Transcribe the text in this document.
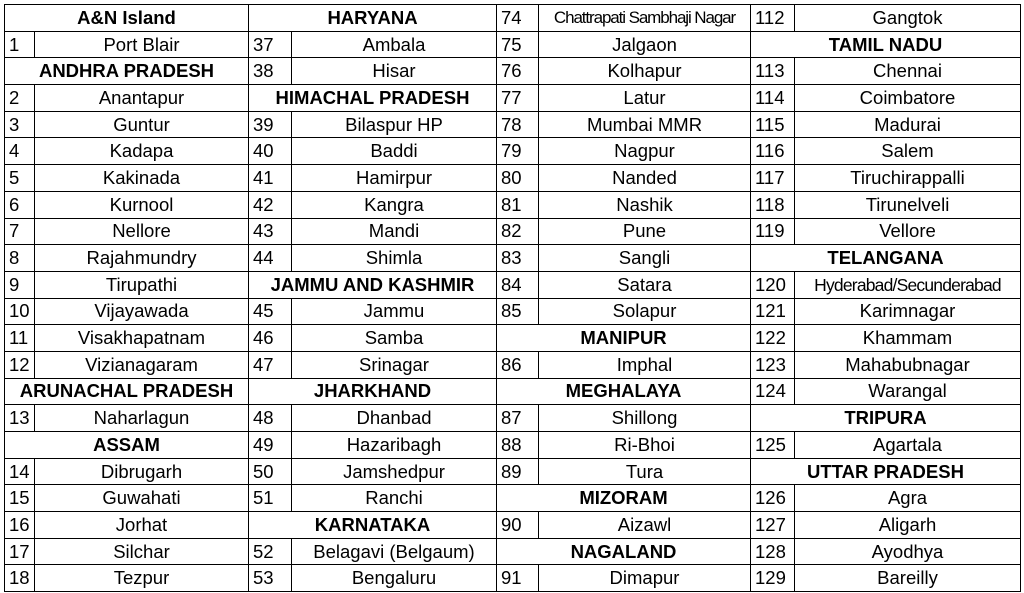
A&N Island		HARYANA		74	Chattrapati Sambhaji Nagar	112	Gangtok
1	Port Blair	37	Ambala	75	Jalgaon	TAMIL NADU	
ANDHRA PRADESH		38	Hisar	76	Kolhapur	113	Chennai
2	Anantapur	HIMACHAL PRADESH		77	Latur	114	Coimbatore
3	Guntur	39	Bilaspur HP	78	Mumbai MMR	115	Madurai
4	Kadapa	40	Baddi	79	Nagpur	116	Salem
5	Kakinada	41	Hamirpur	80	Nanded	117	Tiruchirappalli
6	Kurnool	42	Kangra	81	Nashik	118	Tirunelveli
7	Nellore	43	Mandi	82	Pune	119	Vellore
8	Rajahmundry	44	Shimla	83	Sangli	TELANGANA	
9	Tirupathi	JAMMU AND KASHMIR		84	Satara	120	Hyderabad/Secunderabad
10	Vijayawada	45	Jammu	85	Solapur	121	Karimnagar
11	Visakhapatnam	46	Samba	MANIPUR		122	Khammam
12	Vizianagaram	47	Srinagar	86	Imphal	123	Mahabubnagar
ARUNACHAL PRADESH		JHARKHAND		MEGHALAYA		124	Warangal
13	Naharlagun	48	Dhanbad	87	Shillong	TRIPURA	
ASSAM		49	Hazaribagh	88	Ri-Bhoi	125	Agartala
14	Dibrugarh	50	Jamshedpur	89	Tura	UTTAR PRADESH	
15	Guwahati	51	Ranchi	MIZORAM		126	Agra
16	Jorhat	KARNATAKA		90	Aizawl	127	Aligarh
17	Silchar	52	Belagavi (Belgaum)	NAGALAND		128	Ayodhya
18	Tezpur	53	Bengaluru	91	Dimapur	129	Bareilly
